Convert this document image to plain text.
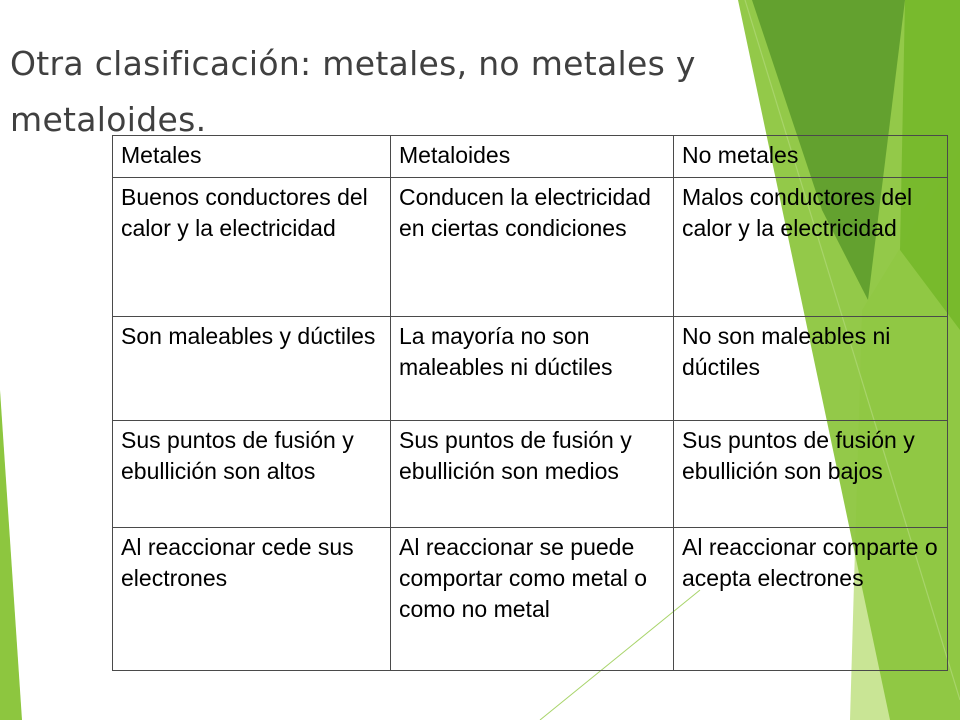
Otra clasificación: metales, no metales y metaloides.
Metales	Metaloides	No metales
Buenos conductores del calor y la electricidad	Conducen la electricidad en ciertas condiciones	Malos conductores del calor y la electricidad
Son maleables y dúctiles	La mayoría no son maleables ni dúctiles	No son maleables ni dúctiles
Sus puntos de fusión y ebullición son altos	Sus puntos de fusión y ebullición son medios	Sus puntos de fusión y ebullición son bajos
Al reaccionar cede sus electrones	Al reaccionar se puede comportar como metal o como no metal	Al reaccionar comparte o acepta electrones
